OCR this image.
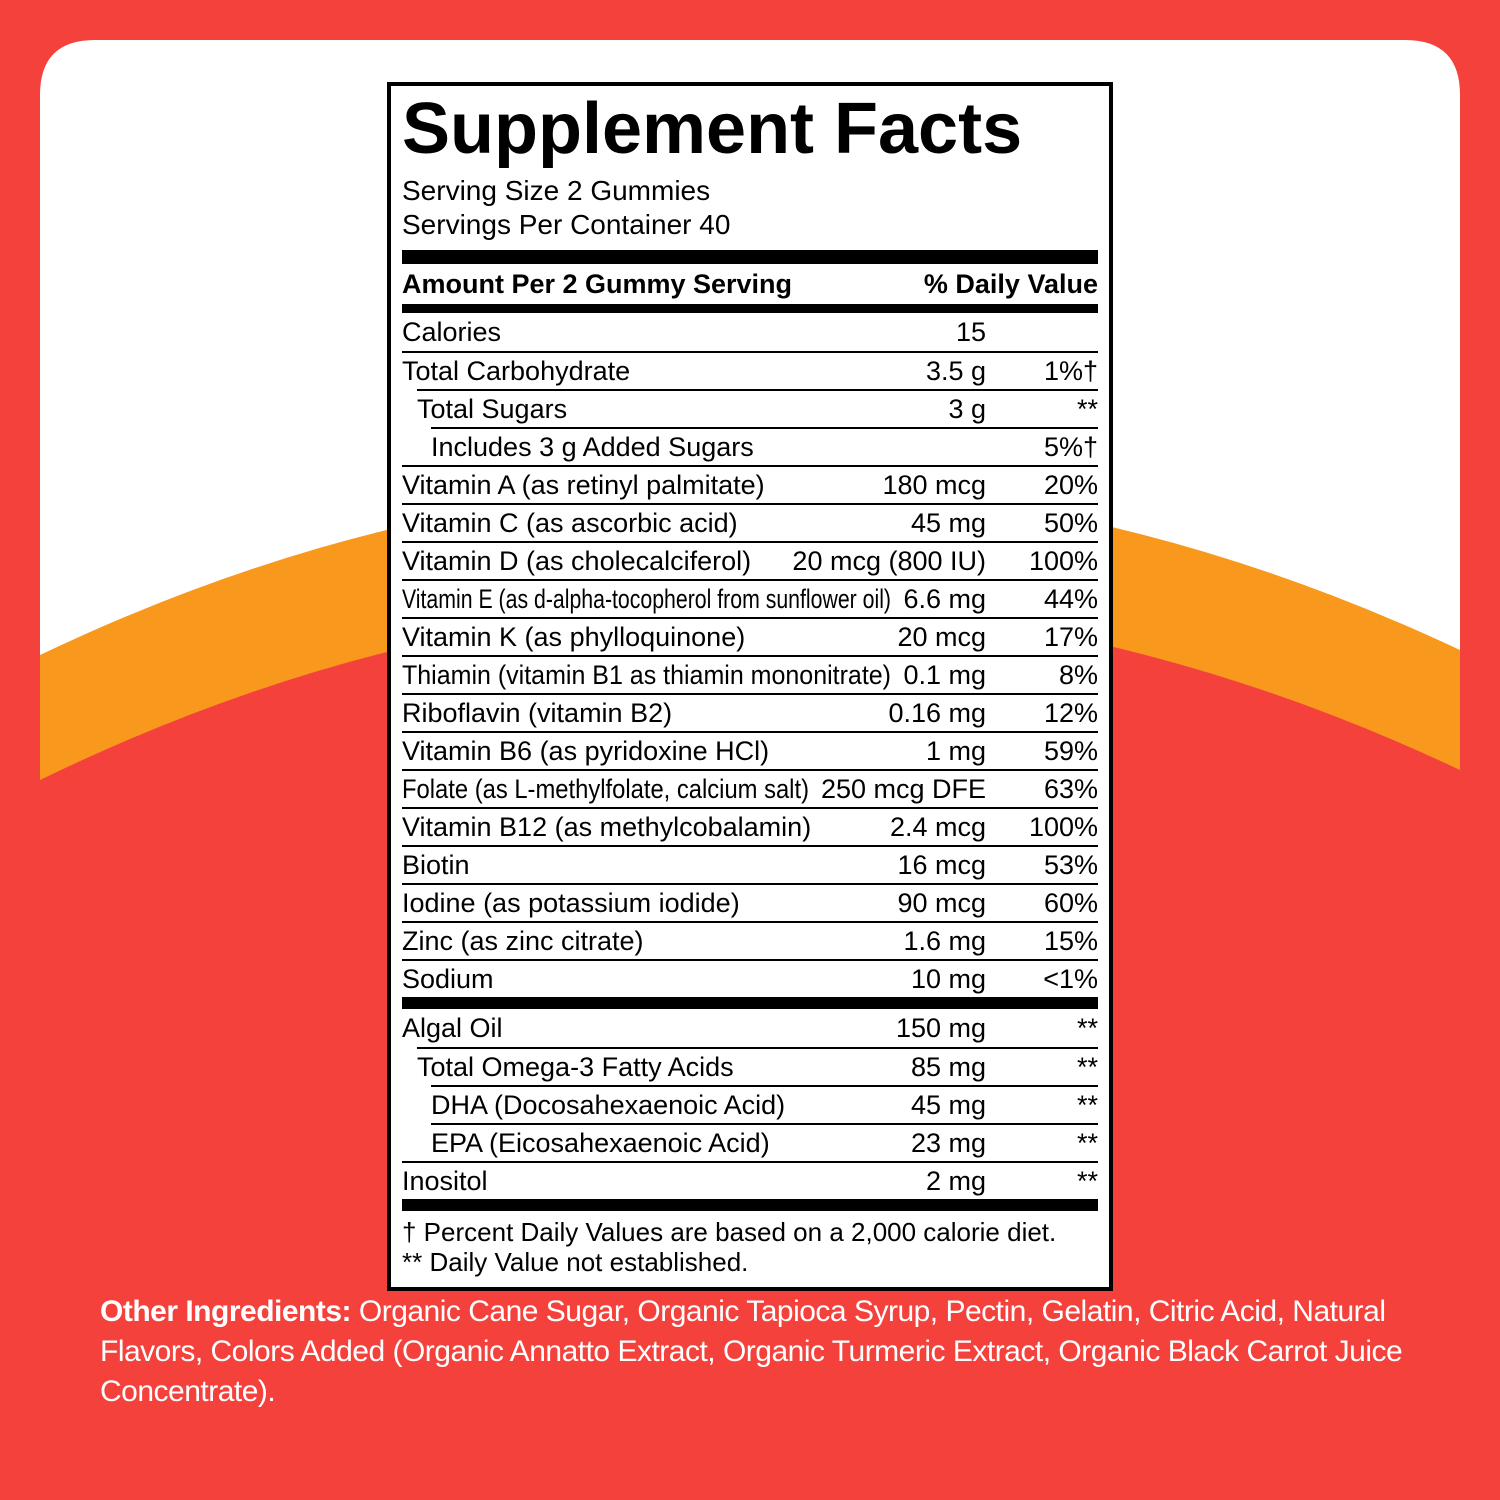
Supplement Facts
Serving Size 2 Gummies
Servings Per Container 40
Amount Per 2 Gummy Serving	% Daily Value
Calories	15
Total Carbohydrate	3.5 g	1%†
Total Sugars	3 g	**
Includes 3 g Added Sugars	5%†
Vitamin A (as retinyl palmitate)	180 mcg	20%
Vitamin C (as ascorbic acid)	45 mg	50%
Vitamin D (as cholecalciferol)	20 mcg (800 IU)	100%
Vitamin E (as d-alpha-tocopherol from sunflower oil) 6.6 mg	44%
Vitamin K (as phylloquinone)	20 mcg	17%
Thiamin (vitamin B1 as thiamin mononitrate) 0.1 mg	8%
Riboflavin (vitamin B2)	0.16 mg	12%
Vitamin B6 (as pyridoxine HCl)	1 mg	59%
Folate (as L-methylfolate, calcium salt) 250 mcg DFE	63%
Vitamin B12 (as methylcobalamin)	2.4 mcg	100%
Biotin	16 mcg	53%
Iodine (as potassium iodide)	90 mcg	60%
Zinc (as zinc citrate)	1.6 mg	15%
Sodium	10 mg	<1%
Algal Oil	150 mg	**
Total Omega-3 Fatty Acids	85 mg	**
DHA (Docosahexaenoic Acid)	45 mg	**
EPA (Eicosahexaenoic Acid)	23 mg	**
Inositol	2 mg	**
† Percent Daily Values are based on a 2,000 calorie diet.
** Daily Value not established.

Other Ingredients: Organic Cane Sugar, Organic Tapioca Syrup, Pectin, Gelatin, Citric Acid, Natural Flavors, Colors Added (Organic Annatto Extract, Organic Turmeric Extract, Organic Black Carrot Juice Concentrate).
